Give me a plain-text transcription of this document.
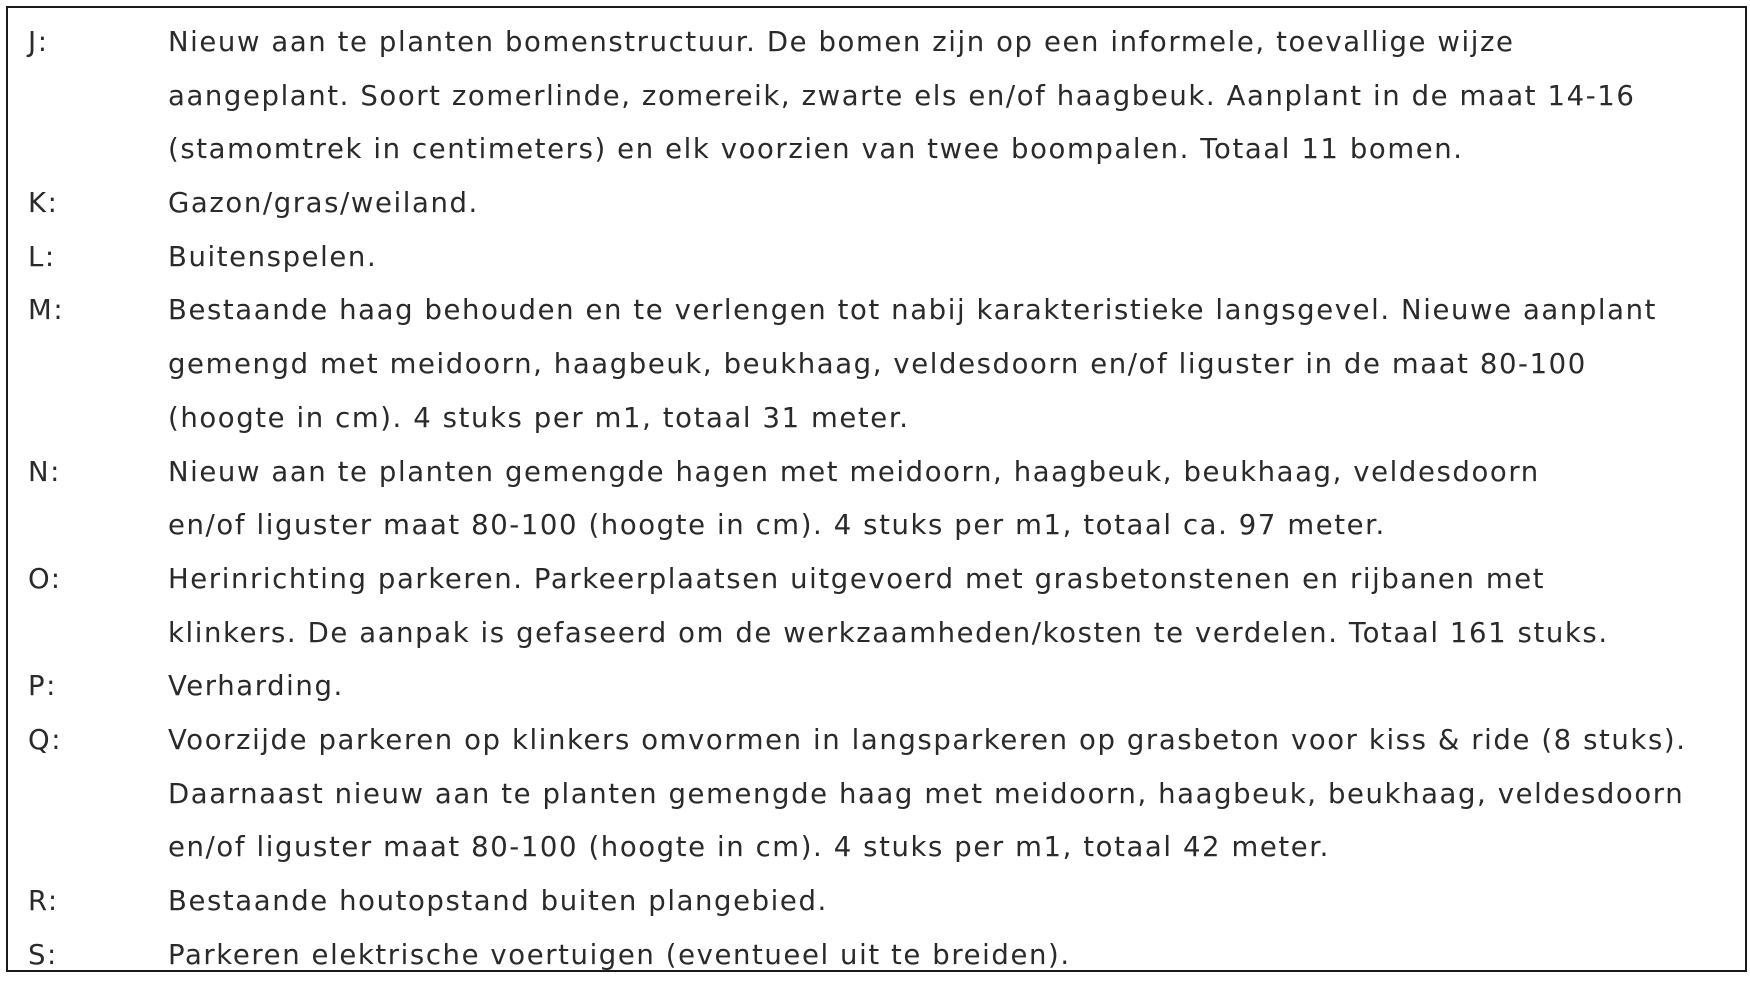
J:	Nieuw aan te planten bomenstructuur. De bomen zijn op een informele, toevallige wijze
aangeplant. Soort zomerlinde, zomereik, zwarte els en/of haagbeuk. Aanplant in de maat 14-16
(stamomtrek in centimeters) en elk voorzien van twee boompalen. Totaal 11 bomen.
K:	Gazon/gras/weiland.
L:	Buitenspelen.
M:	Bestaande haag behouden en te verlengen tot nabij karakteristieke langsgevel. Nieuwe aanplant
gemengd met meidoorn, haagbeuk, beukhaag, veldesdoorn en/of liguster in de maat 80-100
(hoogte in cm). 4 stuks per m1, totaal 31 meter.
N:	Nieuw aan te planten gemengde hagen met meidoorn, haagbeuk, beukhaag, veldesdoorn
en/of liguster maat 80-100 (hoogte in cm). 4 stuks per m1, totaal ca. 97 meter.
O:	Herinrichting parkeren. Parkeerplaatsen uitgevoerd met grasbetonstenen en rijbanen met
klinkers. De aanpak is gefaseerd om de werkzaamheden/kosten te verdelen. Totaal 161 stuks.
P:	Verharding.
Q:	Voorzijde parkeren op klinkers omvormen in langsparkeren op grasbeton voor kiss & ride (8 stuks).
Daarnaast nieuw aan te planten gemengde haag met meidoorn, haagbeuk, beukhaag, veldesdoorn
en/of liguster maat 80-100 (hoogte in cm). 4 stuks per m1, totaal 42 meter.
R:	Bestaande houtopstand buiten plangebied.
S:	Parkeren elektrische voertuigen (eventueel uit te breiden).
